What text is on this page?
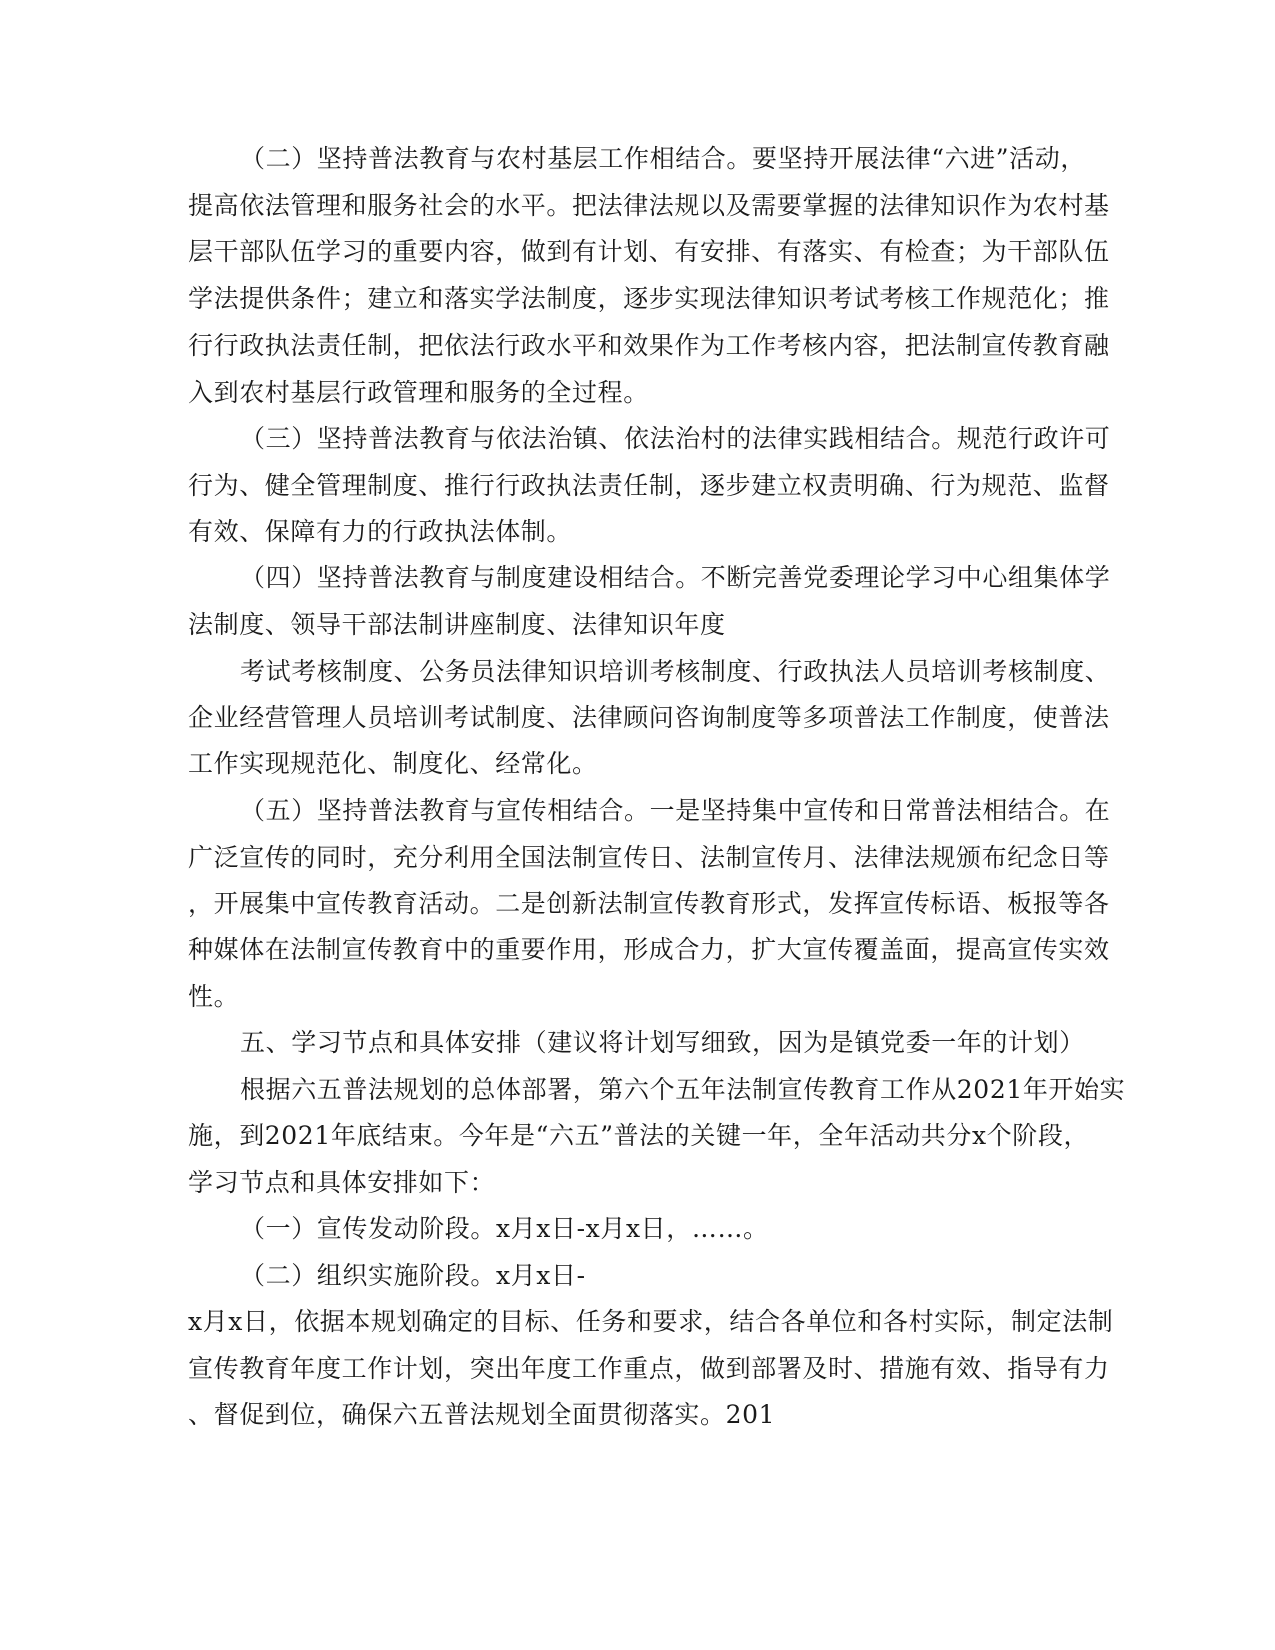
（二）坚持普法教育与农村基层工作相结合。要坚持开展法律“六进”活动，

提高依法管理和服务社会的水平。把法律法规以及需要掌握的法律知识作为农村基

层干部队伍学习的重要内容，做到有计划、有安排、有落实、有检查；为干部队伍

学法提供条件；建立和落实学法制度，逐步实现法律知识考试考核工作规范化；推

行行政执法责任制，把依法行政水平和效果作为工作考核内容，把法制宣传教育融

入到农村基层行政管理和服务的全过程。

（三）坚持普法教育与依法治镇、依法治村的法律实践相结合。规范行政许可

行为、健全管理制度、推行行政执法责任制，逐步建立权责明确、行为规范、监督

有效、保障有力的行政执法体制。

（四）坚持普法教育与制度建设相结合。不断完善党委理论学习中心组集体学

法制度、领导干部法制讲座制度、法律知识年度

考试考核制度、公务员法律知识培训考核制度、行政执法人员培训考核制度、

企业经营管理人员培训考试制度、法律顾问咨询制度等多项普法工作制度，使普法

工作实现规范化、制度化、经常化。

（五）坚持普法教育与宣传相结合。一是坚持集中宣传和日常普法相结合。在

广泛宣传的同时，充分利用全国法制宣传日、法制宣传月、法律法规颁布纪念日等

，开展集中宣传教育活动。二是创新法制宣传教育形式，发挥宣传标语、板报等各

种媒体在法制宣传教育中的重要作用，形成合力，扩大宣传覆盖面，提高宣传实效

性。

五、学习节点和具体安排（建议将计划写细致，因为是镇党委一年的计划）

根据六五普法规划的总体部署，第六个五年法制宣传教育工作从2021年开始实

施，到2021年底结束。今年是“六五”普法的关键一年，全年活动共分x个阶段，

学习节点和具体安排如下：

（一）宣传发动阶段。x月x日-x月x日，……。

（二）组织实施阶段。x月x日-

x月x日，依据本规划确定的目标、任务和要求，结合各单位和各村实际，制定法制

宣传教育年度工作计划，突出年度工作重点，做到部署及时、措施有效、指导有力

、督促到位，确保六五普法规划全面贯彻落实。201
